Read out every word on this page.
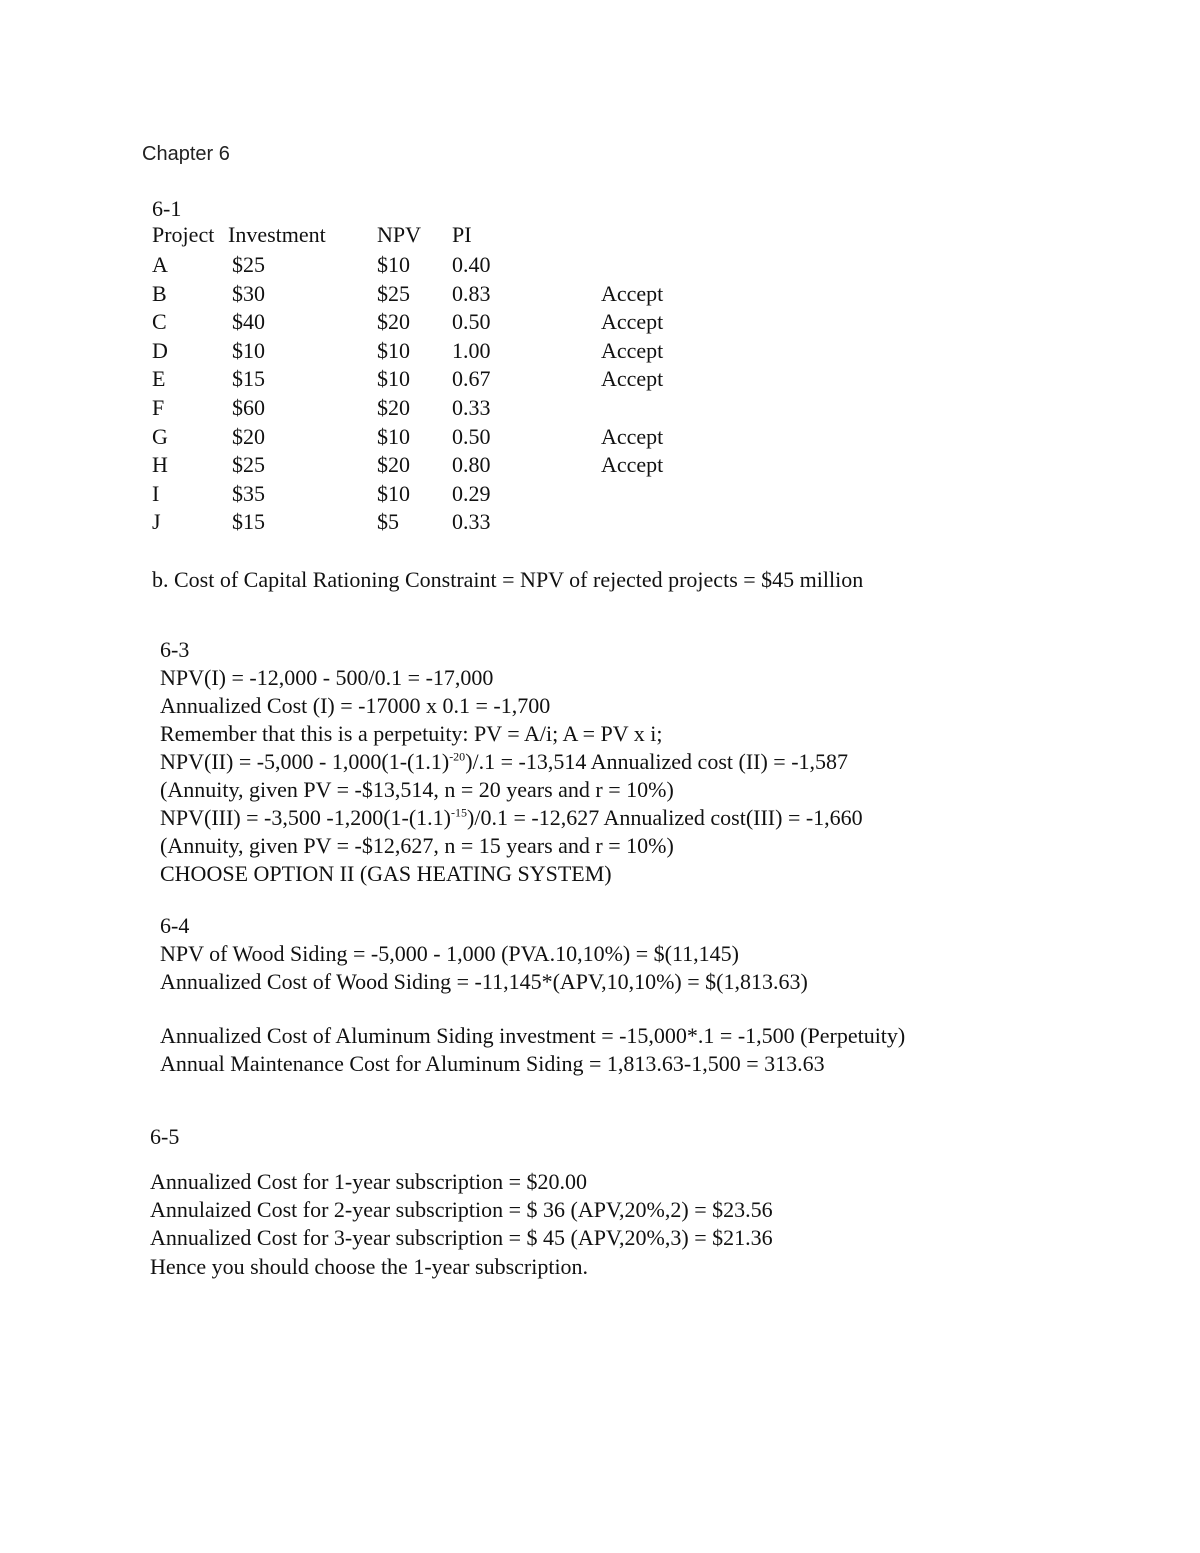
Chapter 6
6-1
Project Investment NPV PI
A	$25	$10 0.40
B	$30	$25 0.83	Accept
C	$40	$20 0.50	Accept
D	$10	$10 1.00	Accept
E	$15	$10 0.67	Accept
F	$60	$20 0.33
G	$20	$10 0.50	Accept
H	$25	$20 0.80	Accept
I	$35	$10 0.29
J	$15	$5 0.33
b. Cost of Capital Rationing Constraint = NPV of rejected projects = $45 million
6-3
NPV(I) = -12,000 - 500/0.1 = -17,000
Annualized Cost (I) = -17000 x 0.1 = -1,700
Remember that this is a perpetuity: PV = A/i; A = PV x i;
$NPV(II) = -5,000 - 1,000(1-(1.1)^{-20})/.1 = -13,514$ Annualized cost (II) = -1,587
(Annuity, given PV = -$13,514, n = 20 years and r = 10%)
NPV(III) = -3,500 $-1,200(1-(1.1)^{-15})/0.1 = -12,627$ Annualized cost(III) = -1,660
(Annuity, given PV = -$12,627, n = 15 years and r = 10%)
CHOOSE OPTION II (GAS HEATING SYSTEM)
6-4
NPV of Wood Siding = -5,000 - 1,000 (PVA.10,10%) = $(11,145)
Annualized Cost of Wood Siding = -11,145*(APV,10,10%) = $(1,813.63)
Annualized Cost of Aluminum Siding investment = -15,000*.1 = -1,500 (Perpetuity)
Annual Maintenance Cost for Aluminum Siding = 1,813.63-1,500 = 313.63
6-5
Annualized Cost for 1-year subscription = $20.00
Annulaized Cost for 2-year subscription = $ 36 (APV,20%,2) = $23.56
Annualized Cost for 3-year subscription = $ 45 (APV,20%,3) = $21.36
Hence you should choose the 1-year subscription.
